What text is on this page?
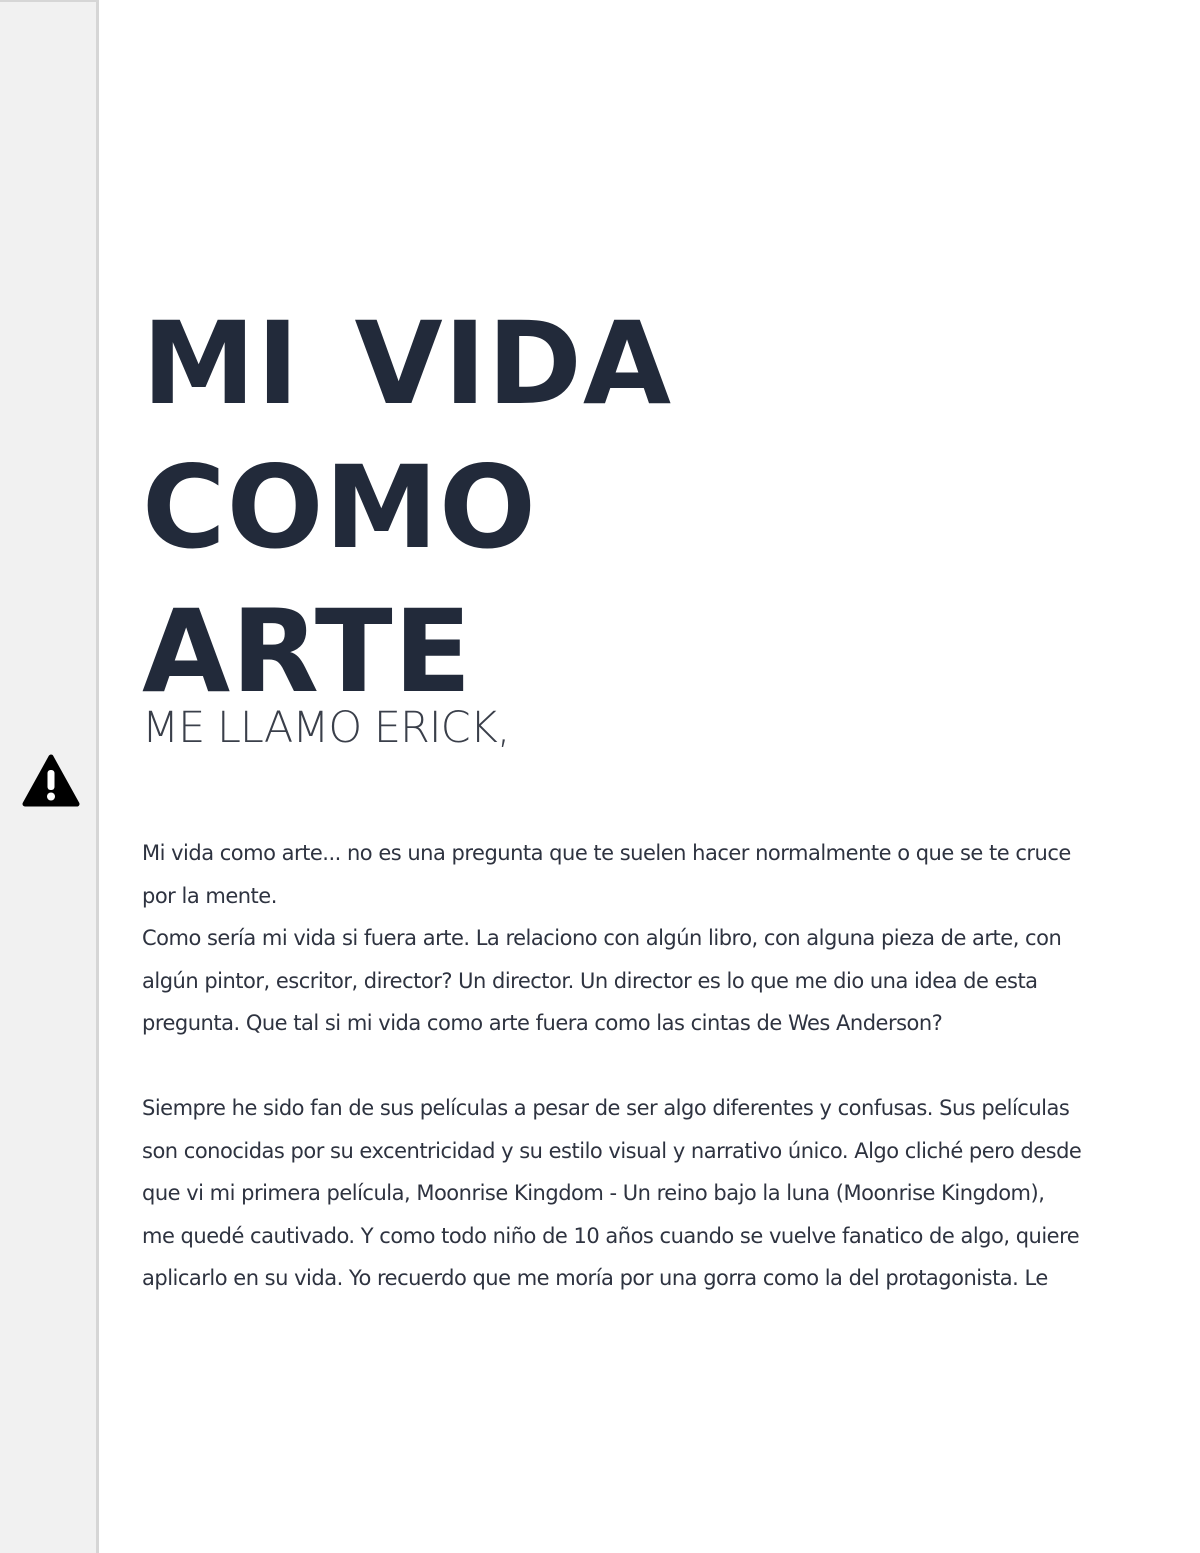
MI VIDA COMO
ARTE
ME LLAMO ERICK,

Mi vida como arte... no es una pregunta que te suelen hacer normalmente o que se te cruce por la mente.

Como sería mi vida si fuera arte. La relaciono con algún libro, con alguna pieza de arte, con algún pintor, escritor, director? Un director. Un director es lo que me dio una idea de esta pregunta. Que tal si mi vida como arte fuera como las cintas de Wes Anderson?

Siempre he sido fan de sus películas a pesar de ser algo diferentes y confusas. Sus películas son conocidas por su excentricidad y su estilo visual y narrativo único. Algo cliché pero desde que vi mi primera película, Moonrise Kingdom - Un reino bajo la luna (Moonrise Kingdom), me quedé cautivado. Y como todo niño de 10 años cuando se vuelve fanatico de algo, quiere aplicarlo en su vida. Yo recuerdo que me moría por una gorra como la del protagonista. Le
